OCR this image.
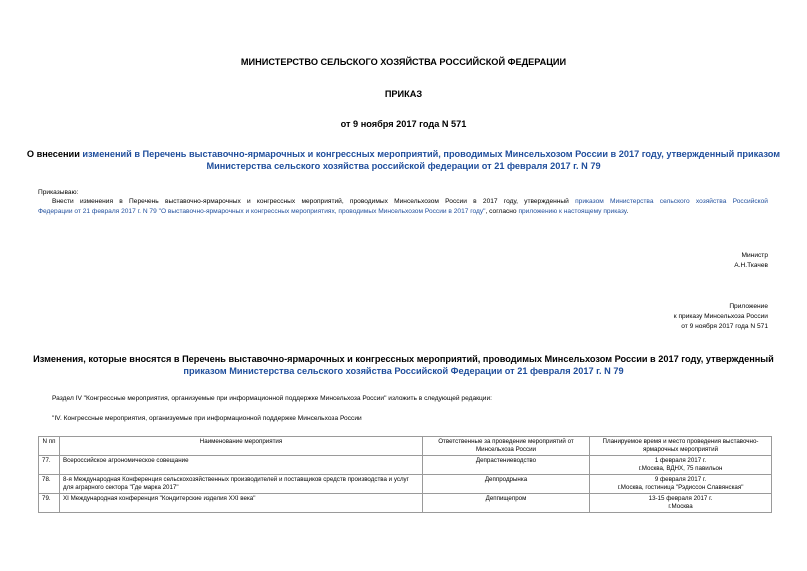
МИНИСТЕРСТВО СЕЛЬСКОГО ХОЗЯЙСТВА РОССИЙСКОЙ ФЕДЕРАЦИИ
ПРИКАЗ
от 9 ноября 2017 года N 571
О внесении изменений в Перечень выставочно-ярмарочных и конгрессных мероприятий, проводимых Минсельхозом России в 2017 году, утвержденный приказом
Министерства сельского хозяйства российской федерации от 21 февраля 2017 г. N 79
Приказываю:
Внести изменения в Перечень выставочно-ярмарочных и конгрессных мероприятий, проводимых Минсельхозом России в 2017 году, утвержденный приказом Министерства сельского хозяйства Российской
Федерации от 21 февраля 2017 г. N 79 "О выставочно-ярмарочных и конгрессных мероприятиях, проводимых Минсельхозом России в 2017 году", согласно приложению к настоящему приказу.
Министр
А.Н.Ткачев
Приложение
к приказу Минсельхоза России
от 9 ноября 2017 года N 571
Изменения, которые вносятся в Перечень выставочно-ярмарочных и конгрессных мероприятий, проводимых Минсельхозом России в 2017 году, утвержденный
приказом Министерства сельского хозяйства Российской Федерации от 21 февраля 2017 г. N 79
Раздел IV "Конгрессные мероприятия, организуемые при информационной поддержке Минсельхоза России" изложить в следующей редакции:
"IV. Конгрессные мероприятия, организуемые при информационной поддержке Минсельхоза России
N пп	Наименование мероприятия	Ответственные за проведение мероприятий от Минсельхоза России	Планируемое время и место проведения выставочно-ярмарочных мероприятий
77.	Всероссийское агрономическое совещание	Депрастениеводство	1 февраля 2017 г.
г.Москва, ВДНХ, 75 павильон

78.	8-я Международная Конференция сельскохозяйственных производителей и поставщиков средств производства и услуг для аграрного сектора "Где марка 2017"	Деппродрынка	9 февраля 2017 г.
г.Москва, гостиница "Рэдиссон Славянская"

79.	XI Международная конференция "Кондитерские изделия XXI века"	Деппищепром	13-15 февраля 2017 г.
г.Москва
